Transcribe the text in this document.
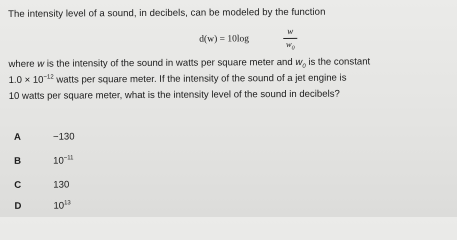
The intensity level of a sound, in decibels, can be modeled by the function
d(w) = 10log
w
$w_0$
where w is the intensity of the sound in watts per square meter and $w_0$ is the constant
$1.0 \times 10^{-12}$ watts per square meter. If the intensity of the sound of a jet engine is
10 watts per square meter, what is the intensity level of the sound in decibels?
A	−130
B	$10^{-11}$
C	130
D	$10^{13}$
